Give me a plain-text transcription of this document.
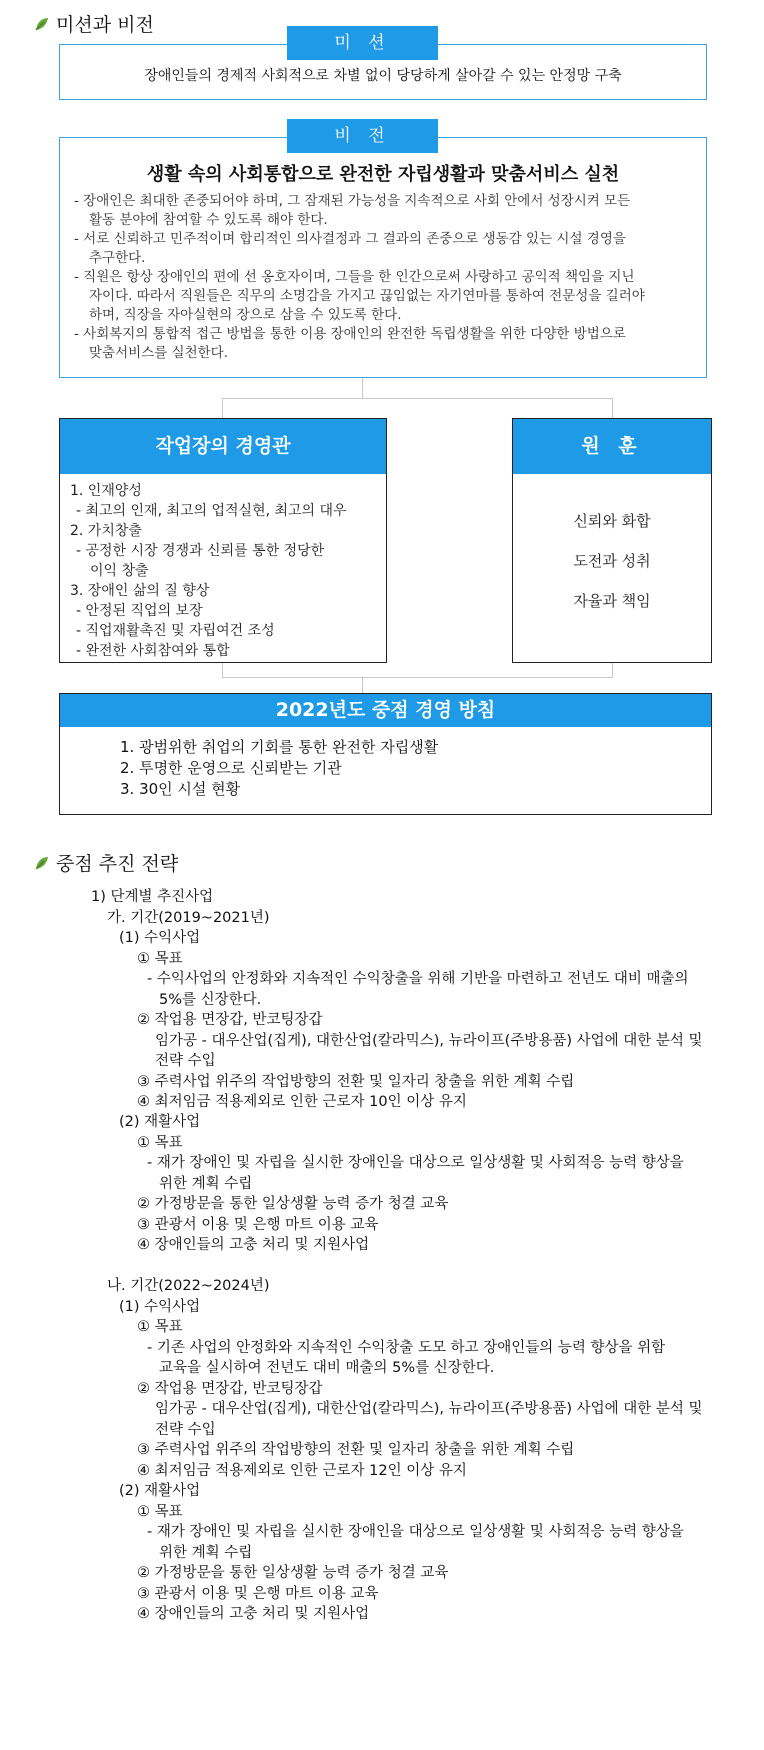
미션과 비전
장애인들의 경제적 사회적으로 차별 없이 당당하게 살아갈 수 있는 안정망 구축
미 션
생활 속의 사회통합으로 완전한 자립생활과 맞춤서비스 실천
- 장애인은 최대한 존중되어야 하며, 그 잠재된 가능성을 지속적으로 사회 안에서 성장시켜 모든
활동 분야에 참여할 수 있도록 해야 한다.
- 서로 신뢰하고 민주적이며 합리적인 의사결정과 그 결과의 존중으로 생동감 있는 시설 경영을
추구한다.
- 직원은 항상 장애인의 편에 선 옹호자이며, 그들을 한 인간으로써 사랑하고 공익적 책임을 지닌
자이다. 따라서 직원들은 직무의 소명감을 가지고 끊임없는 자기연마를 통하여 전문성을 길러야
하며, 직장을 자아실현의 장으로 삼을 수 있도록 한다.
- 사회복지의 통합적 접근 방법을 통한 이용 장애인의 완전한 독립생활을 위한 다양한 방법으로
맞춤서비스를 실천한다.
비 전
작업장의 경영관
1. 인재양성
- 최고의 인재, 최고의 업적실현, 최고의 대우
2. 가치창출
- 공정한 시장 경쟁과 신뢰를 통한 정당한
이익 창출
3. 장애인 삶의 질 향상
- 안정된 직업의 보장
- 직업재활촉진 및 자립여건 조성
- 완전한 사회참여와 통합
원 훈
신뢰와 화합
도전과 성취
자율과 책임
2022년도 중점 경영 방침
1. 광범위한 취업의 기회를 통한 완전한 자립생활
2. 투명한 운영으로 신뢰받는 기관
3. 30인 시설 현황
중점 추진 전략
1) 단계별 추진사업
가. 기간(2019~2021년)
(1) 수익사업
① 목표
- 수익사업의 안정화와 지속적인 수익창출을 위해 기반을 마련하고 전년도 대비 매출의
5%를 신장한다.
② 작업용 면장갑, 반코팅장갑
임가공 - 대우산업(집게), 대한산업(칼라믹스), 뉴라이프(주방용품) 사업에 대한 분석 및
전략 수입
③ 주력사업 위주의 작업방향의 전환 및 일자리 창출을 위한 계획 수립
④ 최저임금 적용제외로 인한 근로자 10인 이상 유지
(2) 재활사업
① 목표
- 재가 장애인 및 자립을 실시한 장애인을 대상으로 일상생활 및 사회적응 능력 향상을
위한 계획 수립
② 가정방문을 통한 일상생활 능력 증가 청결 교육
③ 관광서 이용 및 은행 마트 이용 교육
④ 장애인들의 고충 처리 및 지원사업
나. 기간(2022~2024년)
(1) 수익사업
① 목표
- 기존 사업의 안정화와 지속적인 수익창출 도모 하고 장애인들의 능력 향상을 위함
교육을 실시하여 전년도 대비 매출의 5%를 신장한다.
② 작업용 면장갑, 반코팅장갑
임가공 - 대우산업(집게), 대한산업(칼라믹스), 뉴라이프(주방용품) 사업에 대한 분석 및
전략 수입
③ 주력사업 위주의 작업방향의 전환 및 일자리 창출을 위한 계획 수립
④ 최저임금 적용제외로 인한 근로자 12인 이상 유지
(2) 재활사업
① 목표
- 재가 장애인 및 자립을 실시한 장애인을 대상으로 일상생활 및 사회적응 능력 향상을
위한 계획 수립
② 가정방문을 통한 일상생활 능력 증가 청결 교육
③ 관광서 이용 및 은행 마트 이용 교육
④ 장애인들의 고충 처리 및 지원사업
